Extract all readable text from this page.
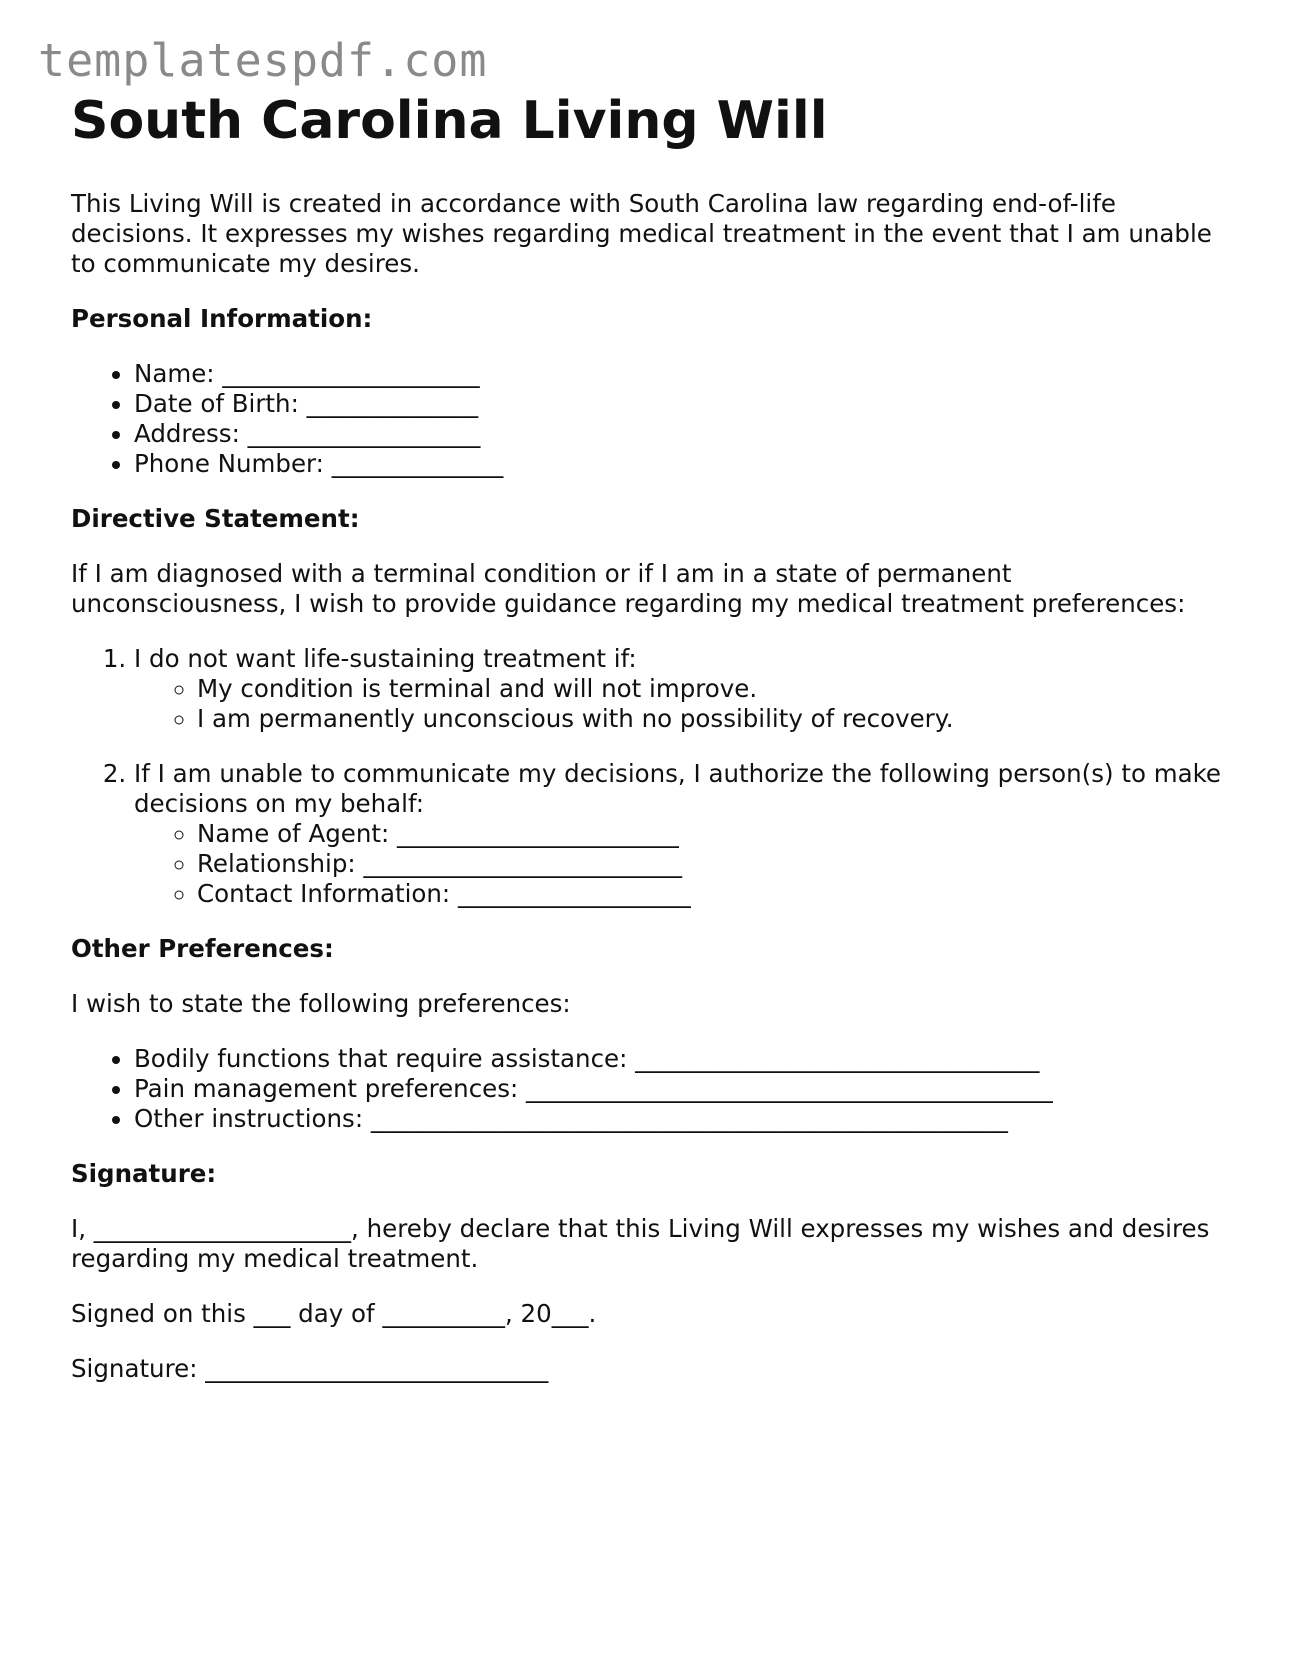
templatespdf.com
South Carolina Living Will

This Living Will is created in accordance with South Carolina law regarding end-of-life decisions. It expresses my wishes regarding medical treatment in the event that I am unable to communicate my desires.

Personal Information:
• Name: _____________________
• Date of Birth: ______________
• Address: ___________________
• Phone Number: ______________
Directive Statement:

If I am diagnosed with a terminal condition or if I am in a state of permanent unconsciousness, I wish to provide guidance regarding my medical treatment preferences:

1. I do not want life-sustaining treatment if:
◦ My condition is terminal and will not improve.
◦ I am permanently unconscious with no possibility of recovery.
2. If I am unable to communicate my decisions, I authorize the following person(s) to make decisions on my behalf:
◦ Name of Agent: _______________________
◦ Relationship: __________________________
◦ Contact Information: ___________________
Other Preferences:

I wish to state the following preferences:

• Bodily functions that require assistance: _________________________________
• Pain management preferences: ___________________________________________
• Other instructions: ____________________________________________________
Signature:

I, _____________________, hereby declare that this Living Will expresses my wishes and desires regarding my medical treatment.

Signed on this ___ day of __________, 20___.

Signature: ____________________________
